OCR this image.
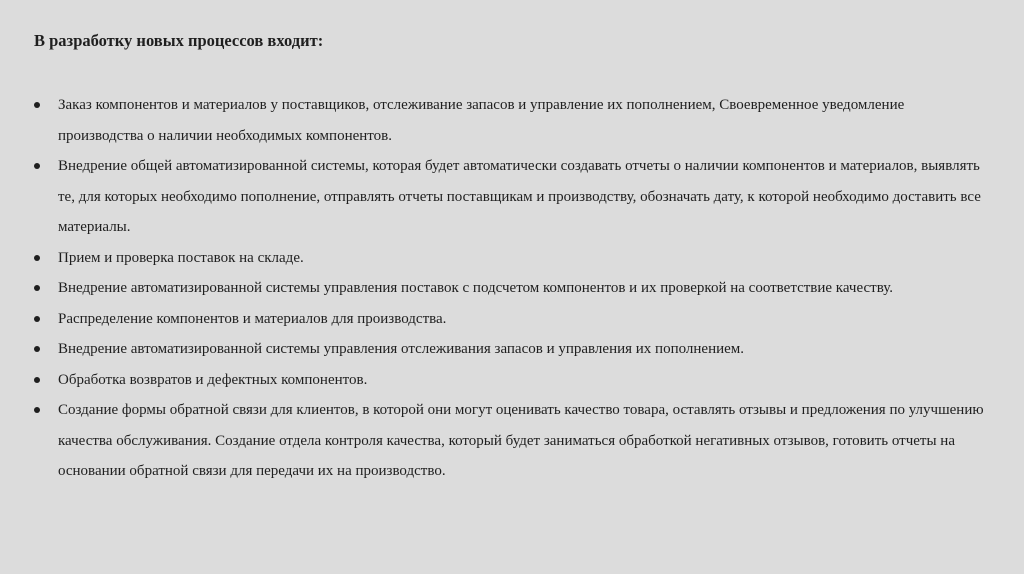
В разработку новых процессов входит:
Заказ компонентов и материалов у поставщиков, отслеживание запасов и управление их пополнением, Своевременное уведомление производства о наличии необходимых компонентов.
Внедрение общей автоматизированной системы, которая будет автоматически создавать отчеты о наличии компонентов и материалов, выявлять те, для которых необходимо пополнение, отправлять отчеты поставщикам и производству, обозначать дату, к которой необходимо доставить все материалы.
Прием и проверка поставок на складе.
Внедрение автоматизированной системы управления поставок с подсчетом компонентов и их проверкой на соответствие качеству.
Распределение компонентов и материалов для производства.
Внедрение автоматизированной системы управления отслеживания запасов и управления их пополнением.
Обработка возвратов и дефектных компонентов.
Создание формы обратной связи для клиентов, в которой они могут оценивать качество товара, оставлять отзывы и предложения по улучшению качества обслуживания. Создание отдела контроля качества, который будет заниматься обработкой негативных отзывов, готовить отчеты на основании обратной связи для передачи их на производство.
